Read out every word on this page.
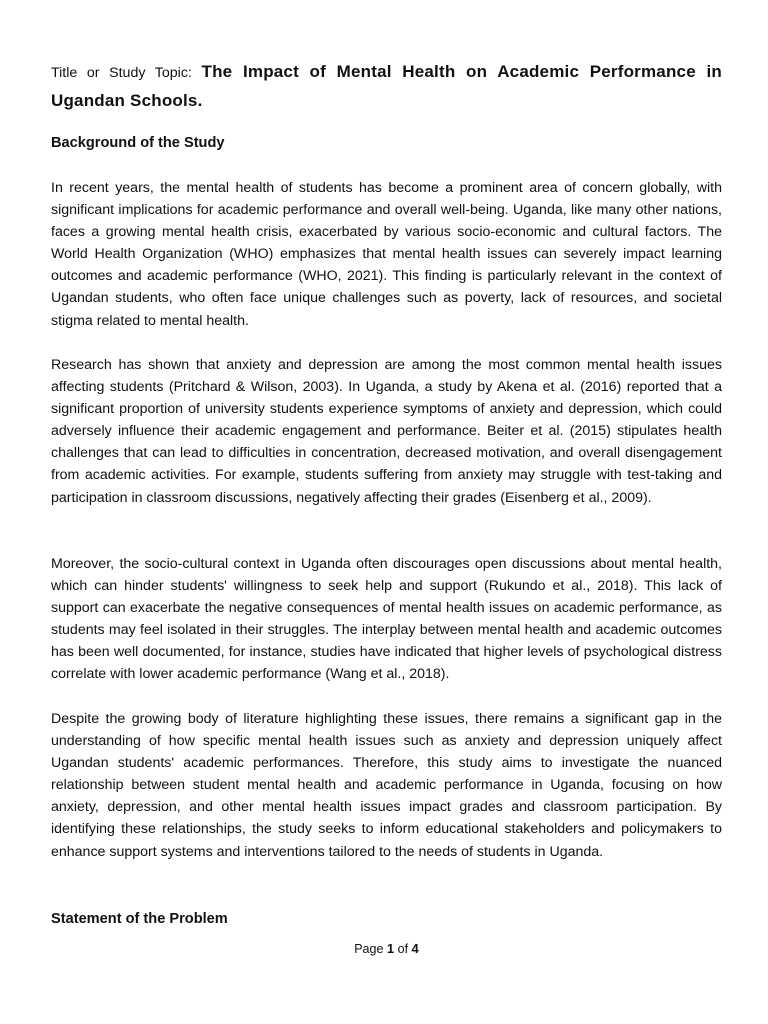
Title or Study Topic: The Impact of Mental Health on Academic Performance in Ugandan Schools.
Background of the Study

In recent years, the mental health of students has become a prominent area of concern globally, with significant implications for academic performance and overall well-being. Uganda, like many other nations, faces a growing mental health crisis, exacerbated by various socio-economic and cultural factors. The World Health Organization (WHO) emphasizes that mental health issues can severely impact learning outcomes and academic performance (WHO, 2021). This finding is particularly relevant in the context of Ugandan students, who often face unique challenges such as poverty, lack of resources, and societal stigma related to mental health.

Research has shown that anxiety and depression are among the most common mental health issues affecting students (Pritchard & Wilson, 2003). In Uganda, a study by Akena et al. (2016) reported that a significant proportion of university students experience symptoms of anxiety and depression, which could adversely influence their academic engagement and performance. Beiter et al. (2015) stipulates health challenges that can lead to difficulties in concentration, decreased motivation, and overall disengagement from academic activities. For example, students suffering from anxiety may struggle with test-taking and participation in classroom discussions, negatively affecting their grades (Eisenberg et al., 2009).

Moreover, the socio-cultural context in Uganda often discourages open discussions about mental health, which can hinder students' willingness to seek help and support (Rukundo et al., 2018). This lack of support can exacerbate the negative consequences of mental health issues on academic performance, as students may feel isolated in their struggles. The interplay between mental health and academic outcomes has been well documented, for instance, studies have indicated that higher levels of psychological distress correlate with lower academic performance (Wang et al., 2018).

Despite the growing body of literature highlighting these issues, there remains a significant gap in the understanding of how specific mental health issues such as anxiety and depression uniquely affect Ugandan students' academic performances. Therefore, this study aims to investigate the nuanced relationship between student mental health and academic performance in Uganda, focusing on how anxiety, depression, and other mental health issues impact grades and classroom participation. By identifying these relationships, the study seeks to inform educational stakeholders and policymakers to enhance support systems and interventions tailored to the needs of students in Uganda.

Statement of the Problem
Page 1 of 4
